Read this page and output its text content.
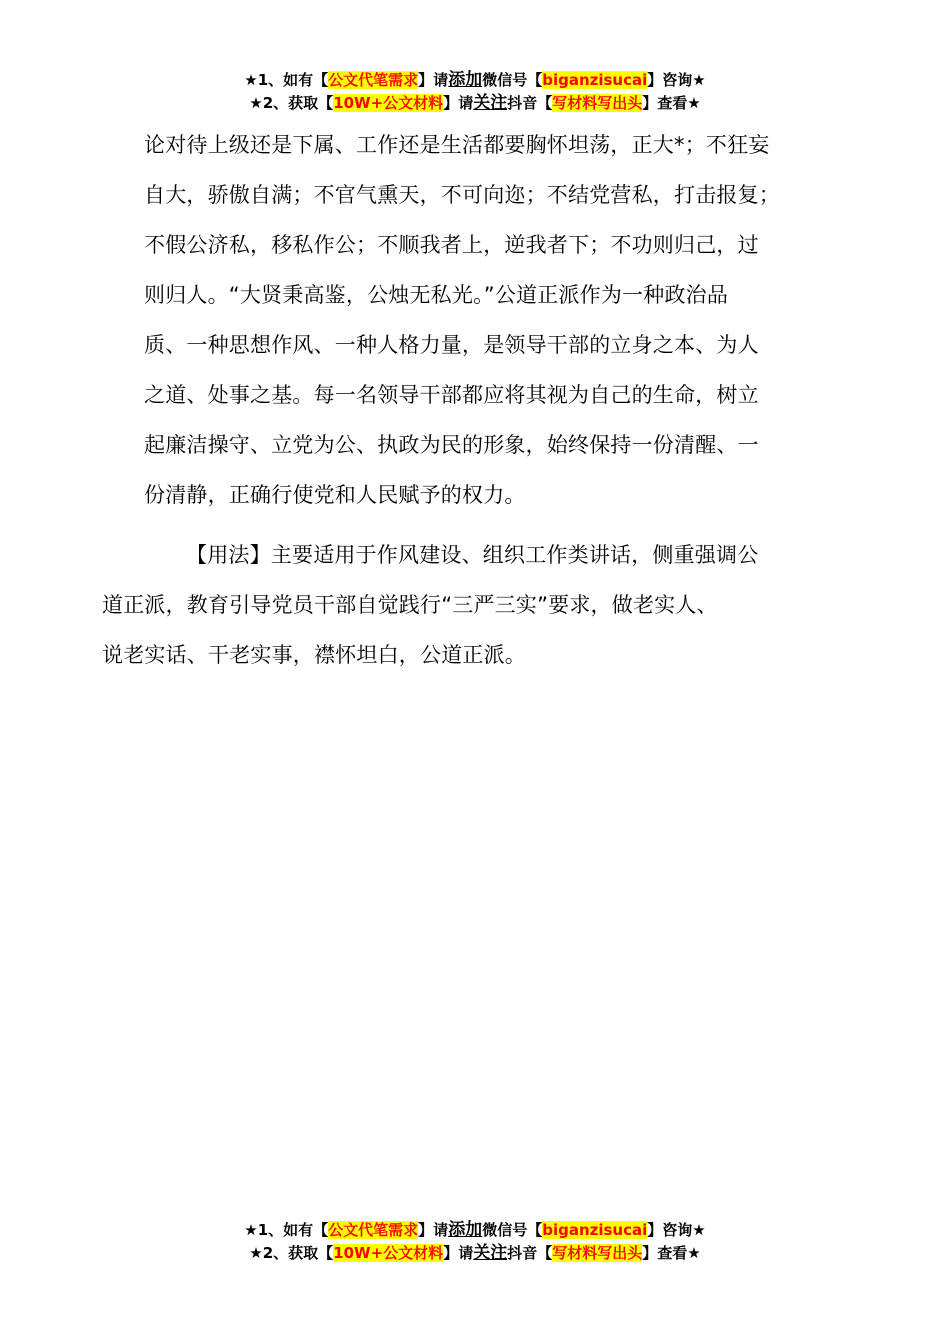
★1、如有【公文代笔需求】请添加微信号【biganzisucai】咨询★
★2、获取【10W+公文材料】请关注抖音【写材料写出头】查看★
论对待上级还是下属、工作还是生活都要胸怀坦荡，正大*；不狂妄
自大，骄傲自满；不官气熏天，不可向迩；不结党营私，打击报复；
不假公济私，移私作公；不顺我者上，逆我者下；不功则归己，过
则归人。“大贤秉高鉴，公烛无私光。”公道正派作为一种政治品
质、一种思想作风、一种人格力量，是领导干部的立身之本、为人
之道、处事之基。每一名领导干部都应将其视为自己的生命，树立
起廉洁操守、立党为公、执政为民的形象，始终保持一份清醒、一
份清静，正确行使党和人民赋予的权力。
【用法】主要适用于作风建设、组织工作类讲话，侧重强调公
道正派，教育引导党员干部自觉践行“三严三实”要求，做老实人、
说老实话、干老实事，襟怀坦白，公道正派。
★1、如有【公文代笔需求】请添加微信号【biganzisucai】咨询★
★2、获取【10W+公文材料】请关注抖音【写材料写出头】查看★
